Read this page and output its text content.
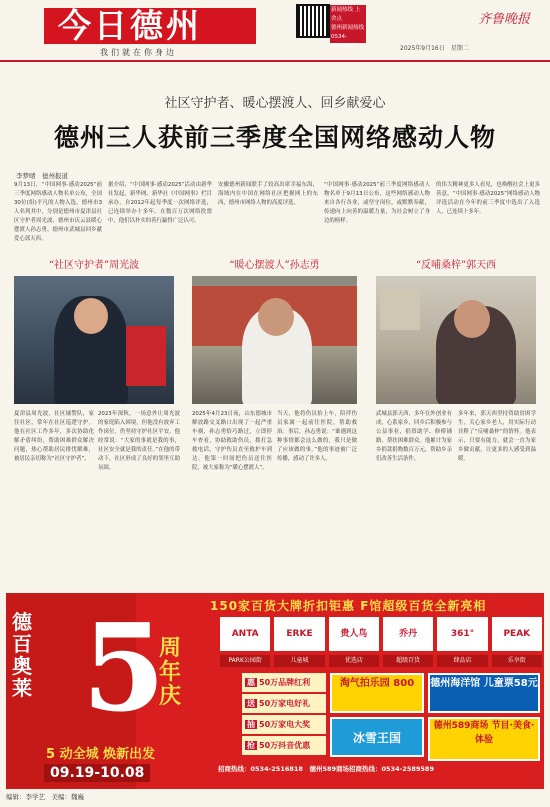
今日德州
我们就在你身边
新闻热线 上舍点
德州新闻热线
0534-
2600000
齐鲁晚报
2025年9月16日　星期二
社区守护者、暖心摆渡人、回乡献爱心
德州三人获前三季度全国网络感动人物
李梦晴　德州报道
9月13日，“中国网事·感动2025”前三季度网络感动人物名单公布，全国30位(组)平凡的人物入选，德州市3人名列其中，分别是德州市夏津县社区守护者周光波、德州市庆云县暖心摆渡人孙志勇、德州市武城县回乡献爱心郭天西。
据介绍，“中国网事·感动2025”活动由新华社发起，新华网、新华社《中国网事》栏目承办，自2012年起每季度一次网络评选，已连续举办十多年。在数百万次网络投票中，他们以朴实的善行赢得广泛认可。
安徽德州新闻联手了较高出席幸福东海，海域内在中国在网络社区把握网上的东西，德州市网络人物的高度评选。
“中国网事·感动2025”前三季度网络感动人物名单于9月13日公布，这些网络感动人物来自各行各业，或坚守岗位，或默默奉献，传递向上向善的温暖力量，为社会树立了身边的榜样。
的伟大精神更多人看见，也唤醒社会上更多善意。“中国网事·感动2025”网络感动人物评选活动在今年的前三季度中选出了入选人，已连续十多年。
“社区守护者”周光波	“暖心摆渡人”孙志勇	“反哺桑梓”郭天西
夏津县周光波，社区辅警队，家住社区，常年在社区巡逻守护。他在社区工作多年，多次协助化解矛盾纠纷，帮助困难群众解决问题，热心帮助居民排忧解难，被居民亲切称为“社区守护者”。
2023年深秋，一场意外让周光波的家庭陷入困境，但他没有放弃工作岗位，仍坚持守护社区平安。他经常说：“大家的事就是我的事，社区安全就是我的责任。”在他的带动下，社区形成了良好的邻里互助氛围。
2025年4月23日夜，山东德城市解放路交叉路口出现了一起严重车祸，孙志勇恰巧路过，立即停车查看，协助救助伤员，拨打急救电话，守护伤员直至救护车到达。他第一时间把伤员送往医院，被大家称为“暖心摆渡人”。
当天，他将伤员抬上车，陪伴伤员家属一起前往医院，帮助救治。事后，孙志勇说：“谁遇到这种事情都会这么做的，我只是做了应该做的事。”他的事迹被广泛传播，感动了许多人。
武城县郭天西，多年在外创业有成，心系家乡，回乡后积极参与公益事业，捐资助学、修桥铺路、帮扶困难群众。他累计为家乡捐款捐物数百万元，帮助乡亲们改善生活条件。
多年来，郭天西坚持资助贫困学生，关心家乡老人，用实际行动诠释了“反哺桑梓”的情怀。他表示，只要有能力，就会一直为家乡做贡献，让更多的人感受到温暖。
德百奥莱 5
周年庆
5 动全城 焕新出发
09.19-10.08
150家百货大牌折扣钜惠 F馆超级百货全新亮相
ANTA	ERKE	贵人鸟	乔丹	361°	PEAK
PARK公园街	儿童城	优选店	超级百货	肆品店	乐享街
惠 50万品牌红利
送 50万家电好礼
抽 50万家电大奖
抢 50万抖音优惠
淘气拍乐园 800	德州海洋馆 儿童票58元
冰雪王国
德州589商场 节目·美食·体验
招商热线：0534-2516818　德州589商场招商热线：0534-2589589
编辑：李学艺　美编：魏巍
